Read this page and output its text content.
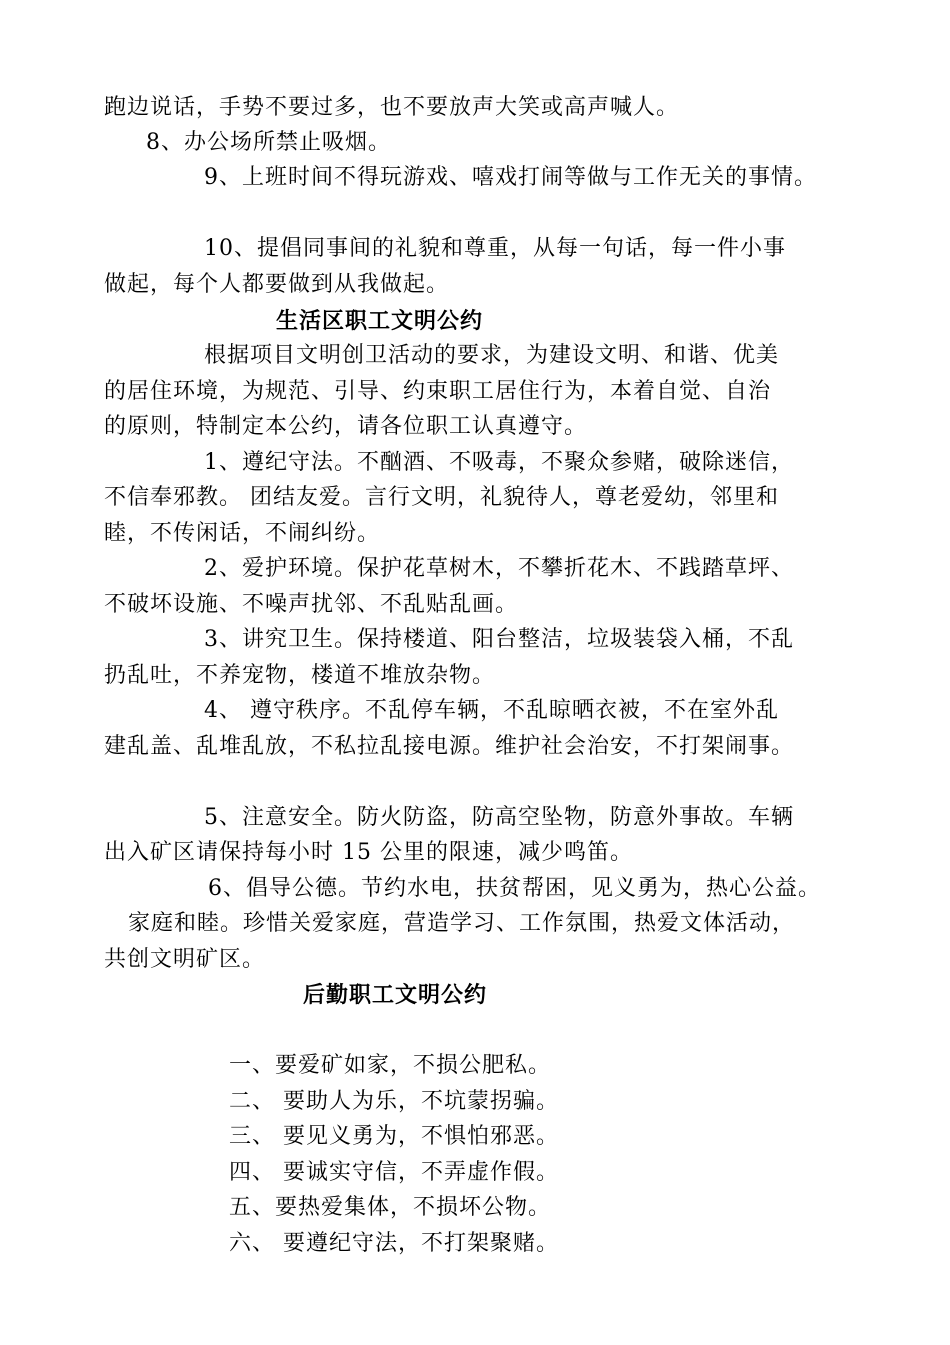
跑边说话，手势不要过多，也不要放声大笑或高声喊人。

8、办公场所禁止吸烟。

9、上班时间不得玩游戏、嘻戏打闹等做与工作无关的事情。

10、提倡同事间的礼貌和尊重，从每一句话，每一件小事

做起，每个人都要做到从我做起。

生活区职工文明公约

根据项目文明创卫活动的要求，为建设文明、和谐、优美

的居住环境，为规范、引导、约束职工居住行为，本着自觉、自治

的原则，特制定本公约，请各位职工认真遵守。

1、遵纪守法。不酗酒、不吸毒，不聚众参赌，破除迷信，

不信奉邪教。 团结友爱。言行文明，礼貌待人，尊老爱幼，邻里和

睦，不传闲话，不闹纠纷。

2、爱护环境。保护花草树木，不攀折花木、不践踏草坪、

不破坏设施、不噪声扰邻、不乱贴乱画。

3、讲究卫生。保持楼道、阳台整洁，垃圾装袋入桶，不乱

扔乱吐，不养宠物，楼道不堆放杂物。

4、 遵守秩序。不乱停车辆，不乱晾晒衣被，不在室外乱

建乱盖、乱堆乱放，不私拉乱接电源。维护社会治安，不打架闹事。

5、注意安全。防火防盗，防高空坠物，防意外事故。车辆

出入矿区请保持每小时 15 公里的限速，减少鸣笛。

6、倡导公德。节约水电，扶贫帮困，见义勇为，热心公益。

家庭和睦。珍惜关爱家庭，营造学习、工作氛围，热爱文体活动，

共创文明矿区。

后勤职工文明公约

一、要爱矿如家，不损公肥私。

二、 要助人为乐，不坑蒙拐骗。

三、 要见义勇为，不惧怕邪恶。

四、 要诚实守信，不弄虚作假。

五、要热爱集体，不损坏公物。

六、 要遵纪守法，不打架聚赌。
